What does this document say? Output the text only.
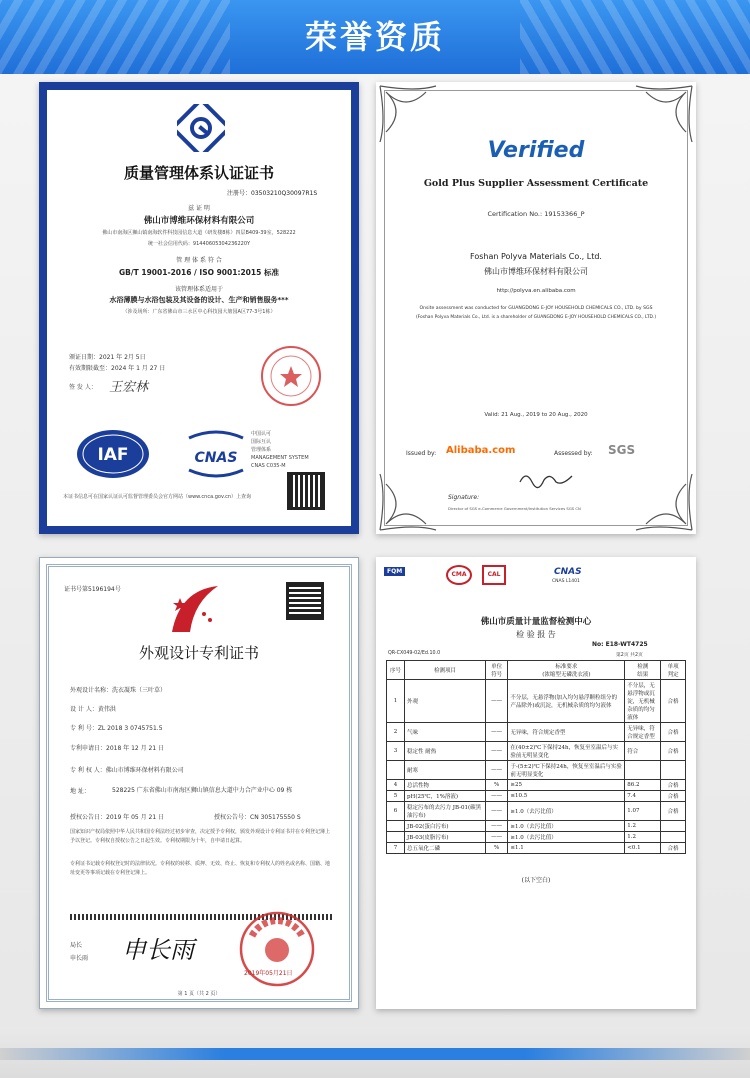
荣誉资质
质量管理体系认证证书
注册号：03503210Q30097R1S
兹 证 明
佛山市博维环保材料有限公司
佛山市南海区狮山镇南海软件科技园信息大道（研发楼8栋）四层B409-39室，528222
统一社会信用代码：91440605304236220Y
管 理 体 系 符 合
GB/T 19001-2016 / ISO 9001:2015 标准
该管理体系适用于
水浴薄膜与水浴包装及其设备的设计、生产和销售服务***
（涉及场所：广东省佛山市三水区中心科技园大塘园A区77-3号1栋）
颁证日期：2021 年 2月 5日
有效期限截至：2024 年 1 月 27 日
签 发 人： 王宏林
IAF	CNAS
中国认可
国际互认
管理体系
MANAGEMENT SYSTEM
CNAS C035-M
本证书信息可在国家认证认可监督管理委员会官方网站（www.cnca.gov.cn）上查询
Verified
Gold Plus Supplier Assessment Certificate
Certification No.: 19153366_P
Foshan Polyva Materials Co., Ltd.
佛山市博维环保材料有限公司
http://polyva.en.alibaba.com
Onsite assessment was conducted for GUANGDONG E-JOY HOUSEHOLD CHEMICALS CO., LTD. by SGS
(Foshan Polyva Materials Co., Ltd. is a shareholder of GUANGDONG E-JOY HOUSEHOLD CHEMICALS CO., LTD.)
Valid: 21 Aug., 2019 to 20 Aug., 2020
Issued by: Alibaba.com	Assessed by: SGS
Signature:
Director of SGS e-Commerce Government/Institution Services SGS CN
证书号第5196194号
外观设计专利证书
外观设计名称：洗衣凝珠（三叶草）
设 计 人：黄伟洪
专 利 号：ZL 2018 3 0745751.5
专利申请日：2018 年 12 月 21 日
专 利 权 人：佛山市博维环保材料有限公司
地 址：	528225 广东省佛山市南海区狮山镇信息大道中力合产业中心 09 栋
授权公告日：2019 年 05 月 21 日	授权公告号：CN 305175550 S
国家知识产权局依照中华人民共和国专利法经过初步审查，决定授予专利权，颁发外观设计专利证书并在专利登记簿上予以登记。专利权自授权公告之日起生效。专利权期限为十年，自申请日起算。
专利证书记载专利权登记时的法律状况。专利权的转移、质押、无效、终止、恢复和专利权人的姓名或名称、国籍、地址变更等事项记载在专利登记簿上。
局长
申长雨 申长雨
2019年05月21日
第 1 页（共 2 页）
FQM	CMA	CAL	CNAS
CNAS L1401
佛山市质量计量监督检测中心
检 验 报 告
No: E18-WT4725
QR-CX049-02/Ed.10.0	第2页 共2页
序号	检测项目	单位
符号	标准要求
(浓缩型无磷洗衣液)	检测
结果	单项
判定
1	外观	——	不分层，无悬浮物(加入均匀悬浮颗粒组分的产品除外)或沉淀，无机械杂质的均匀液体	不分层，无悬浮物或沉淀，无机械杂质的均匀液体	合格
2	气味	——	无异味，符合规定香型	无异味，符合规定香型	合格
3	稳定性 耐热	——	在(40±2)℃下保持24h，恢复至室温后与实验前无明显变化	符合	合格
	耐寒	——	于-(5±2)℃下保持24h，恢复至室温后与实验前无明显变化		
4	总活性物	%	≥25	86.2	合格
5	pH(25℃，1%溶液)	——	≤10.5	7.4	合格
6	稳定污布的去污力 JB-01(碳黑油污布)	——	≥1.0（去污比值）	1.07	合格
	JB-02(蛋白污布)	——	≥1.0（去污比值）	1.2	
	JB-03(皮脂污布)	——	≥1.0（去污比值）	1.2	
7	总五氧化二磷	%	≤1.1	<0.1	合格
(以下空白)
